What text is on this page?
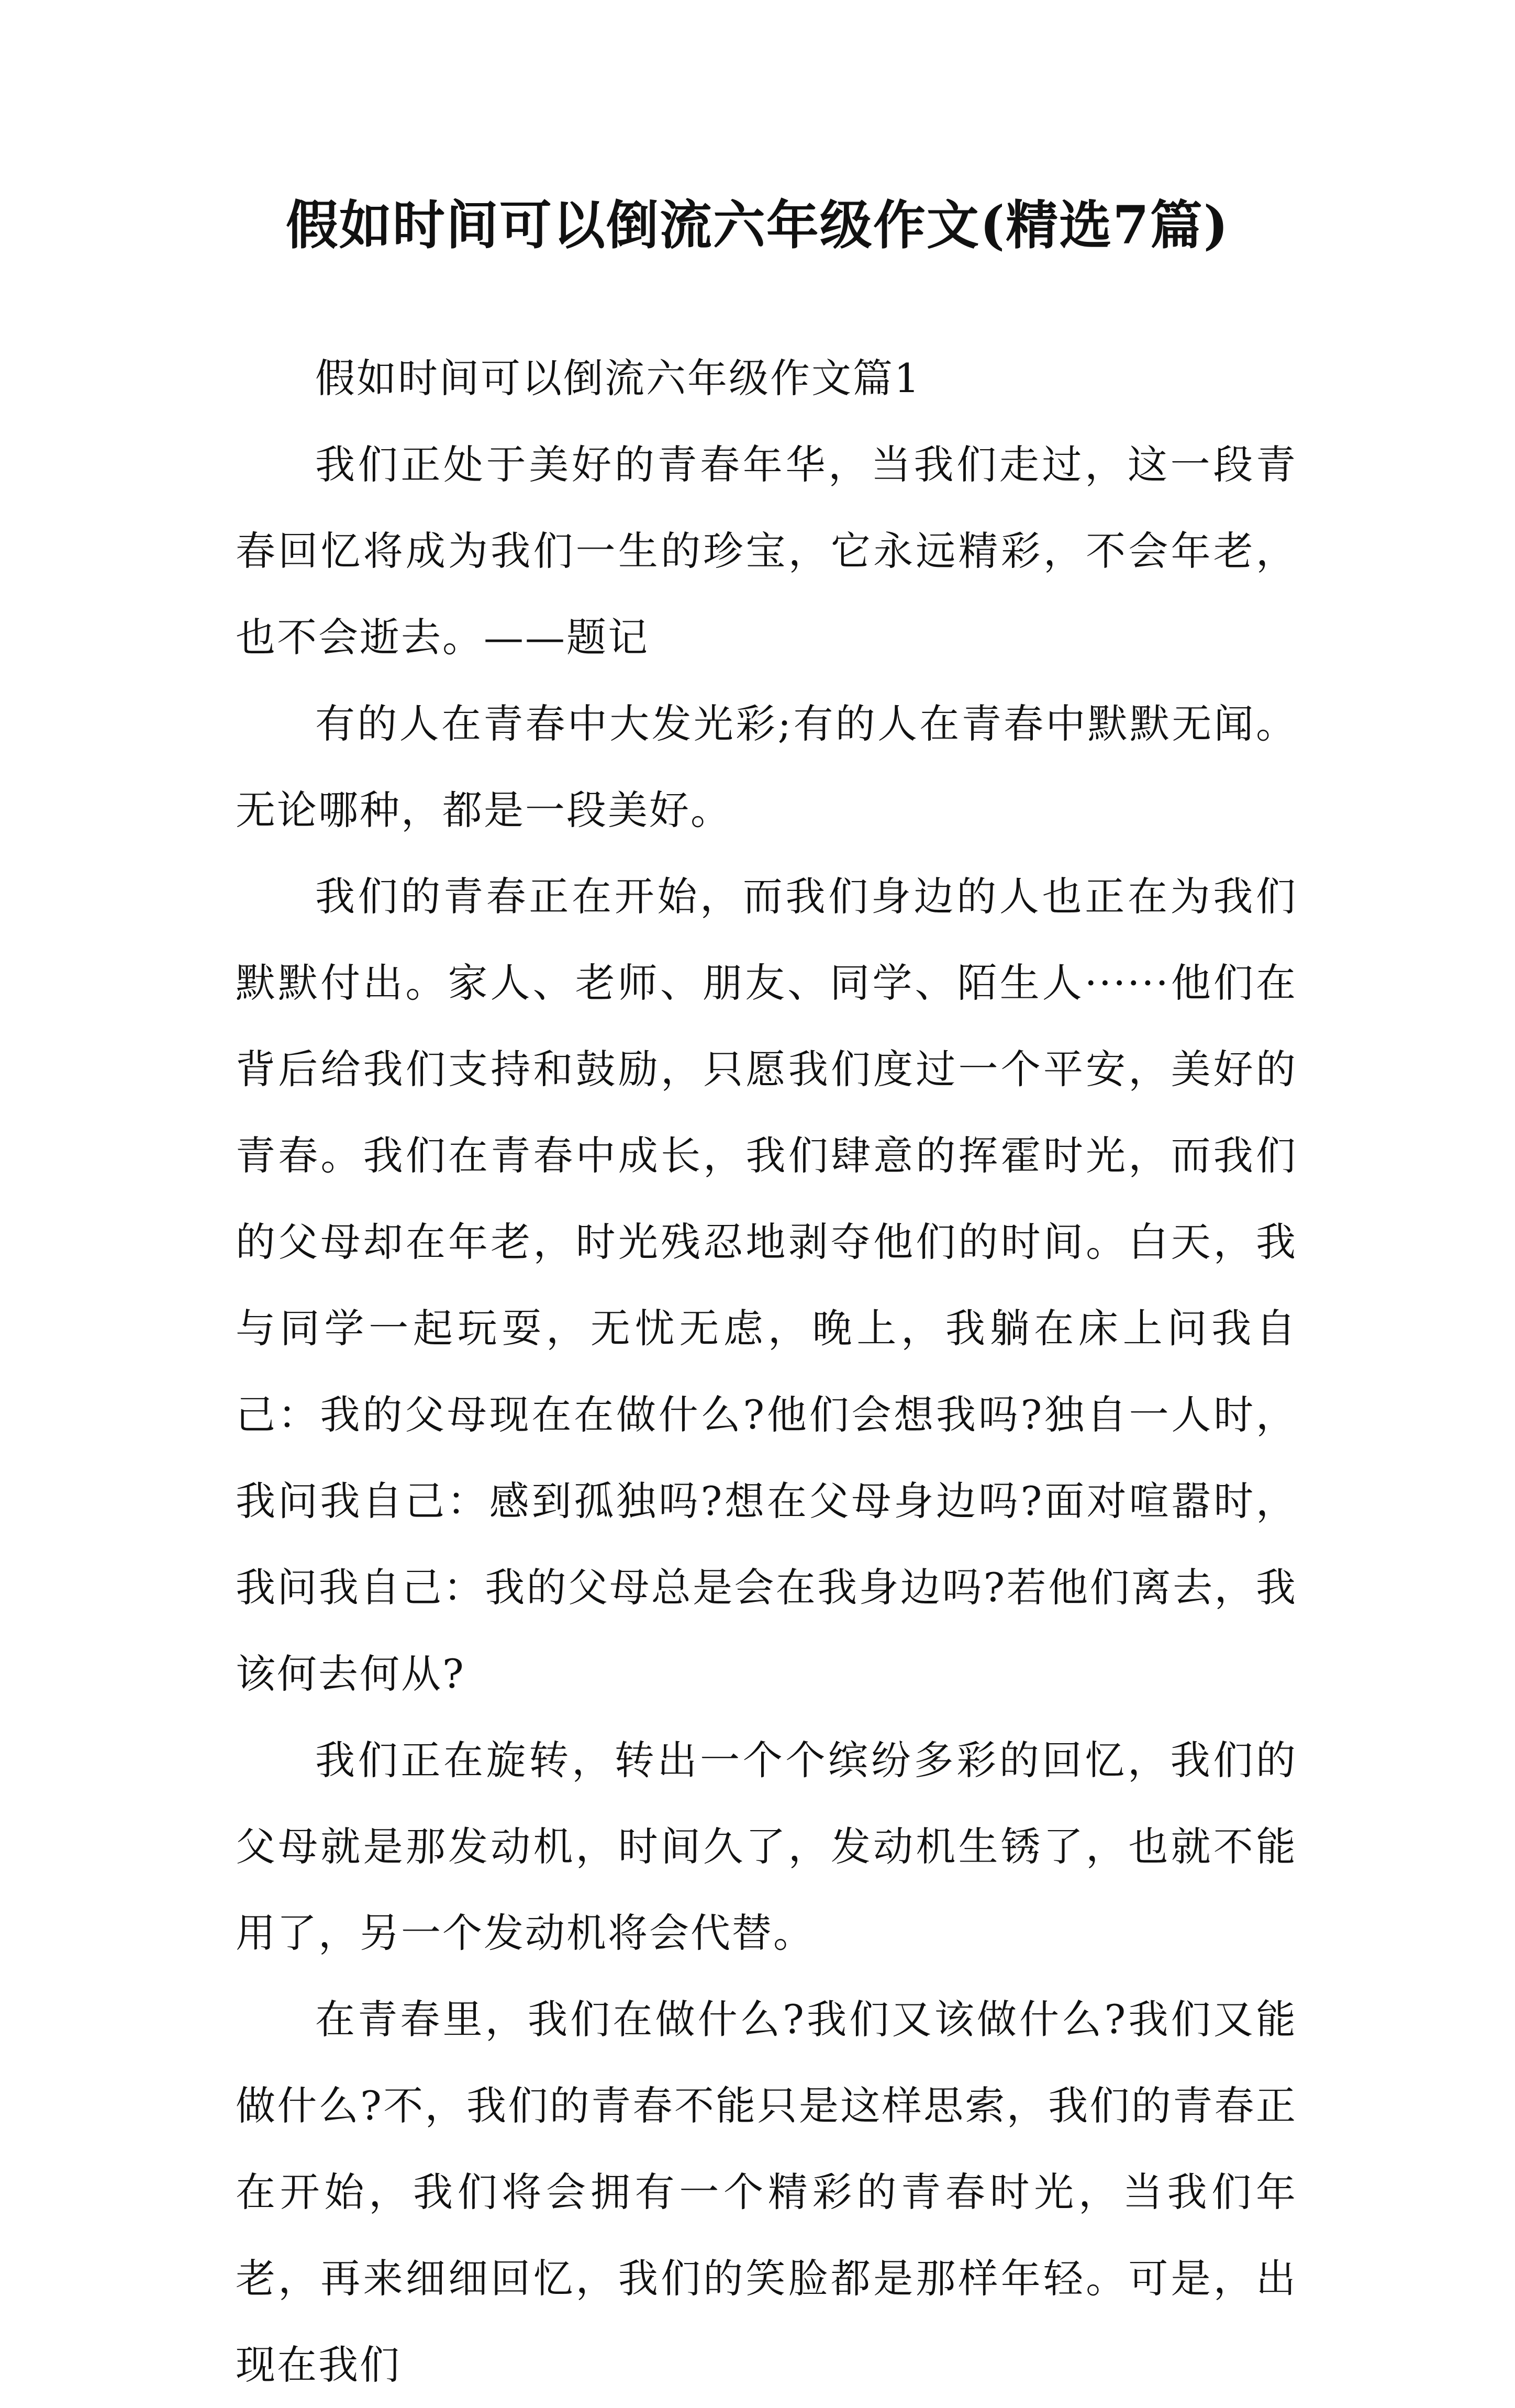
假如时间可以倒流六年级作文(精选7篇)

假如时间可以倒流六年级作文篇1

我们正处于美好的青春年华，当我们走过，这一段青春回忆将成为我们一生的珍宝，它永远精彩，不会年老，也不会逝去。——题记

有的人在青春中大发光彩;有的人在青春中默默无闻。无论哪种，都是一段美好。

我们的青春正在开始，而我们身边的人也正在为我们默默付出。家人、老师、朋友、同学、陌生人······他们在背后给我们支持和鼓励，只愿我们度过一个平安，美好的青春。我们在青春中成长，我们肆意的挥霍时光，而我们的父母却在年老，时光残忍地剥夺他们的时间。白天，我与同学一起玩耍，无忧无虑，晚上，我躺在床上问我自己：我的父母现在在做什么?他们会想我吗?独自一人时，我问我自己：感到孤独吗?想在父母身边吗?面对喧嚣时，我问我自己：我的父母总是会在我身边吗?若他们离去，我该何去何从?

我们正在旋转，转出一个个缤纷多彩的回忆，我们的父母就是那发动机，时间久了，发动机生锈了，也就不能用了，另一个发动机将会代替。

在青春里，我们在做什么?我们又该做什么?我们又能做什么?不，我们的青春不能只是这样思索，我们的青春正在开始，我们将会拥有一个精彩的青春时光，当我们年老，再来细细回忆，我们的笑脸都是那样年轻。可是，出现在我们
